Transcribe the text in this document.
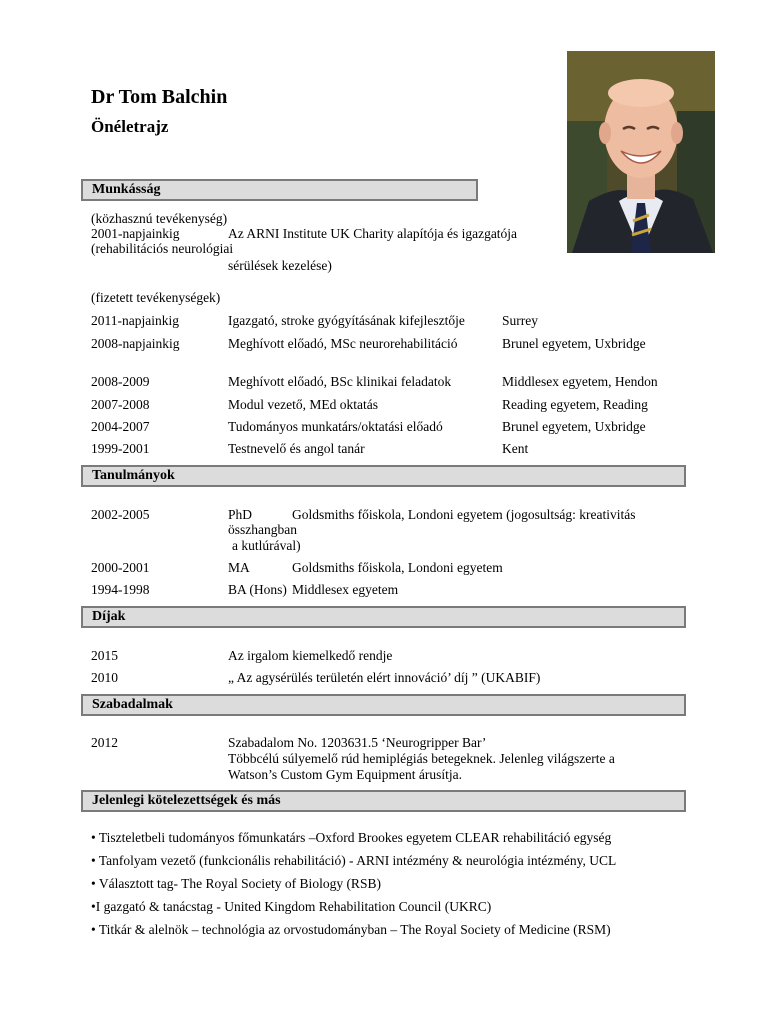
Dr Tom Balchin
Önéletrajz
Munkásság
(közhasznú tevékenység)
2001-napjainkig	Az ARNI Institute UK Charity alapítója és igazgatója
(rehabilitációs neurológiai
sérülések kezelése)
(fizetett tevékenységek)
2011-napjainkig	Igazgató, stroke gyógyításának kifejlesztője	Surrey
2008-napjainkig	Meghívott előadó, MSc neurorehabilitáció	Brunel egyetem, Uxbridge
2008-2009	Meghívott előadó, BSc klinikai feladatok	Middlesex egyetem, Hendon
2007-2008	Modul vezető, MEd oktatás	Reading egyetem, Reading
2004-2007	Tudományos munkatárs/oktatási előadó	Brunel egyetem, Uxbridge
1999-2001	Testnevelő és angol tanár	Kent
Tanulmányok
2002-2005	PhD	Goldsmiths főiskola, Londoni egyetem (jogosultság: kreativitás
összhangban
a kutlúrával)
2000-2001	MA	Goldsmiths főiskola, Londoni egyetem
1994-1998	BA (Hons) Middlesex egyetem
Díjak
2015	Az irgalom kiemelkedő rendje
2010	„ Az agysérülés területén elért innováció’ díj ” (UKABIF)
Szabadalmak
2012	Szabadalom No. 1203631.5 ‘Neurogripper Bar’
Többcélú súlyemelő rúd hemiplégiás betegeknek. Jelenleg világszerte a
Watson’s Custom Gym Equipment árusítja.
Jelenlegi kötelezettségek és más
• Tiszteletbeli tudományos főmunkatárs –Oxford Brookes egyetem CLEAR rehabilitáció egység
• Tanfolyam vezető (funkcionális rehabilitáció) - ARNI intézmény & neurológia intézmény, UCL
• Választott tag- The Royal Society of Biology (RSB)
•I gazgató & tanácstag - United Kingdom Rehabilitation Council (UKRC)
• Titkár & alelnök – technológia az orvostudományban – The Royal Society of Medicine (RSM)
